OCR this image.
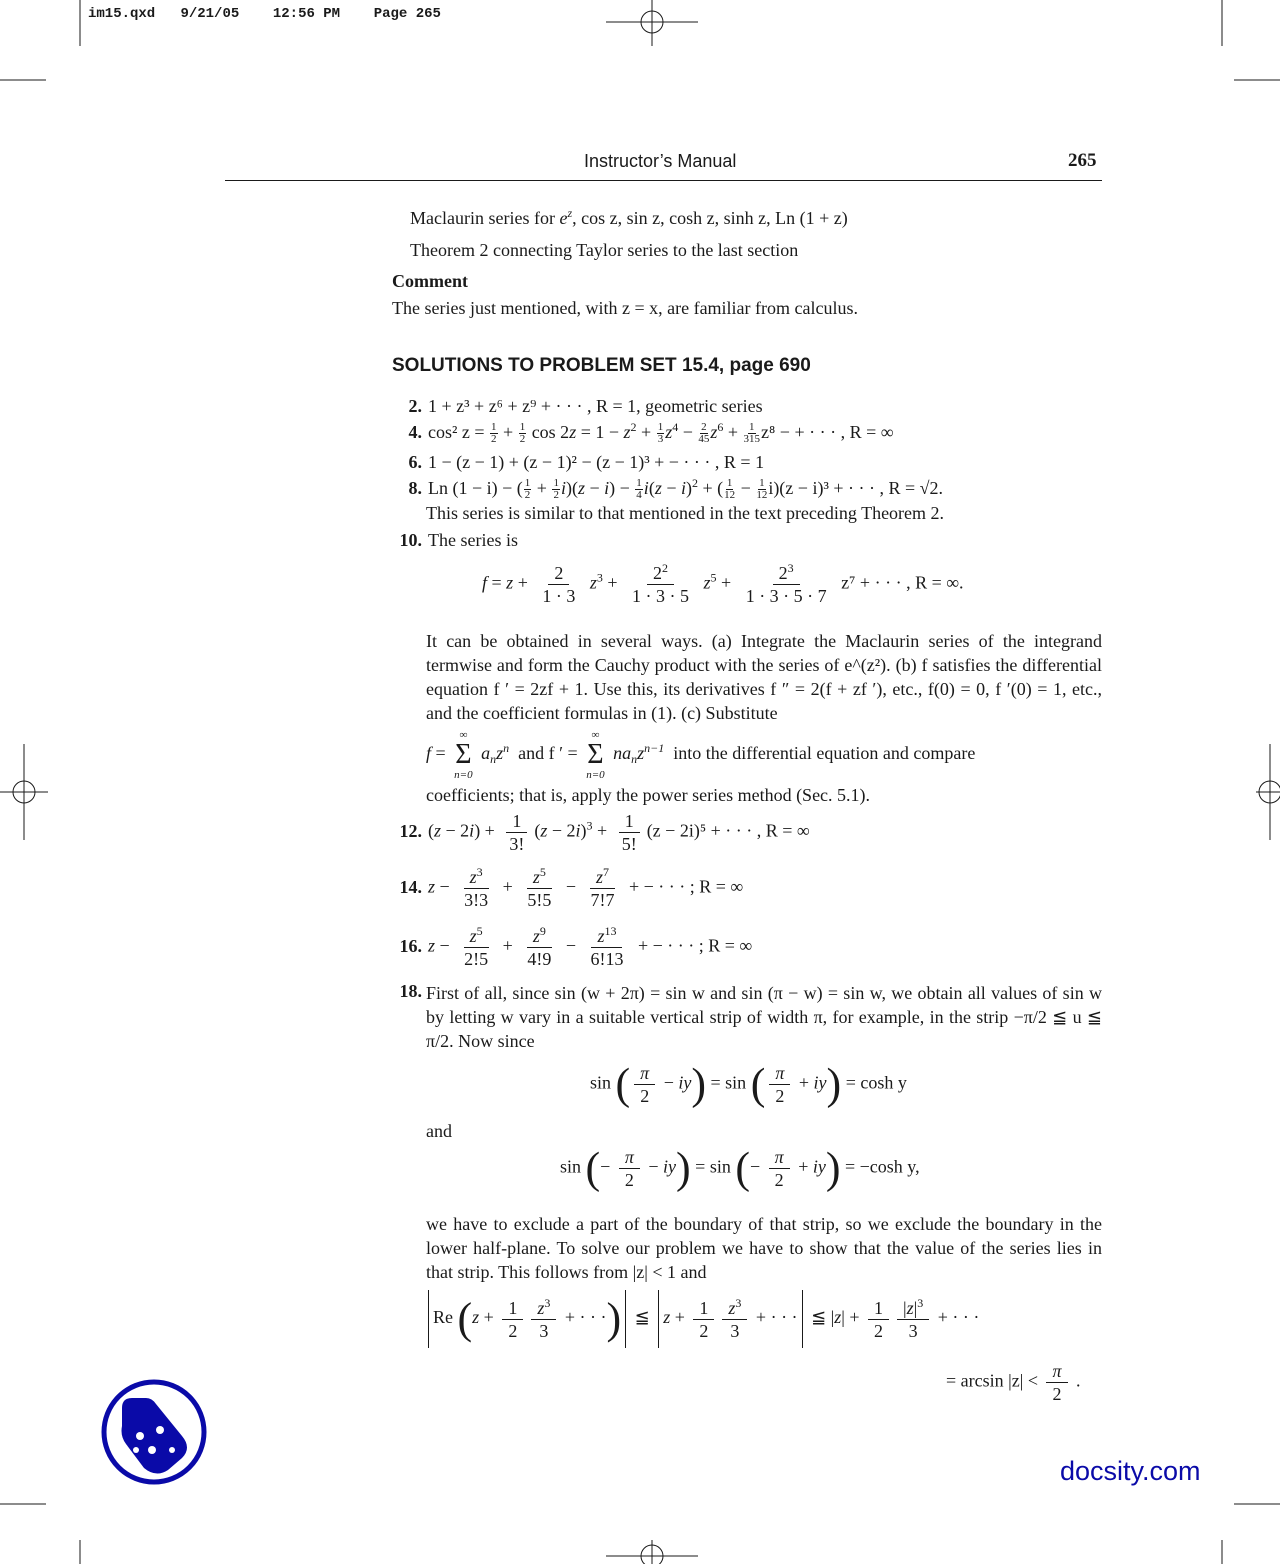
im15.qxd 9/21/05 12:56 PM Page 265
Instructor’s Manual	265
Maclaurin series for $e^z$, cos z, sin z, cosh z, sinh z, Ln (1 + z)
Theorem 2 connecting Taylor series to the last section
Comment
The series just mentioned, with z = x, are familiar from calculus.
SOLUTIONS TO PROBLEM SET 15.4, page 690
2. 1 + z³ + z⁶ + z⁹ + · · · , R = 1, geometric series
4. cos² $z = \frac{1}{2} + \frac{1}{2}$ $\cos 2z = 1 - z^2 + \frac{1}{3} z^4 - \frac{2}{45} z^6 + \frac{1}{315} z^8$ − + · · · , R = ∞
6. 1 − (z − 1) + (z − 1)² − (z − 1)³ + − · · · , R = 1
8. Ln (1 − i) − ( $\frac{1}{2} + \frac{1}{2} i)(z - i) - \frac{1}{4} i(z - i)^2$ + ( $\frac{1}{12} - \frac{1}{12} i)(z - i)^3$ + · · · , R = √2.
This series is similar to that mentioned in the text preceding Theorem 2.
10. The series is
$f = z + \frac{2}{1 \cdot 3} z^3 + \frac{2^2}{1 \cdot 3 \cdot 5} z^5 + \frac{2^3}{1 \cdot 3 \cdot 5 \cdot 7} z^7$ + · · · , R = ∞.
It can be obtained in several ways. (a) Integrate the Maclaurin series of the integrand termwise and form the Cauchy product with the series of e^(z²). (b) f satisfies the differential equation f ′ = 2zf + 1. Use this, its derivatives f ″ = 2(f + zf ′), etc., f(0) = 0, f ′(0) = 1, etc., and the coefficient formulas in (1). (c) Substitute
f =
∞
Σ
n=0
$a_nz^n$ and f ′ =
∞
Σ
n=0
$na_nz^{n-1}$ into the differential equation and compare
coefficients; that is, apply the power series method (Sec. 5.1).
12. $(z - 2i) + \frac{1}{3!} (z - 2i)^3 + \frac{1}{5!} (z - 2i)^5$ + · · · , R = ∞
14. $z - \frac{z^3}{3!3} + \frac{z^5}{5!5} - \frac{z^7}{7!7}$ + − · · · ; R = ∞
16. $z - \frac{z^5}{2!5} + \frac{z^9}{4!9} - \frac{z^{13}}{6!13}$ + − · · · ; R = ∞
18. First of all, since sin (w + 2π) = sin w and sin (π − w) = sin w, we obtain all values of sin w by letting w vary in a suitable vertical strip of width π, for example, in the strip −π/2 ≦ u ≦ π/2. Now since
sin ( $\frac{\pi}{2} - iy) = \sin$ ( $\frac{\pi}{2} + iy) = \cosh y$
and
sin (− $\frac{\pi}{2} - iy) = \sin$ (− $\frac{\pi}{2} + iy) = -\cosh$ y,
we have to exclude a part of the boundary of that strip, so we exclude the boundary in the lower half-plane. To solve our problem we have to show that the value of the series lies in that strip. This follows from |z| < 1 and
Re ($z + \frac{1}{2} \frac{z^3}{3}$ + · · ·) ≦ $z + \frac{1}{2} \frac{z^3}{3}$ + · · · ≦ $|z| + \frac{1}{2} \frac{|z|^3}{3}$ + · · ·
= $\arcsin |z| < \frac{\pi}{2}$ .
docsity.com
